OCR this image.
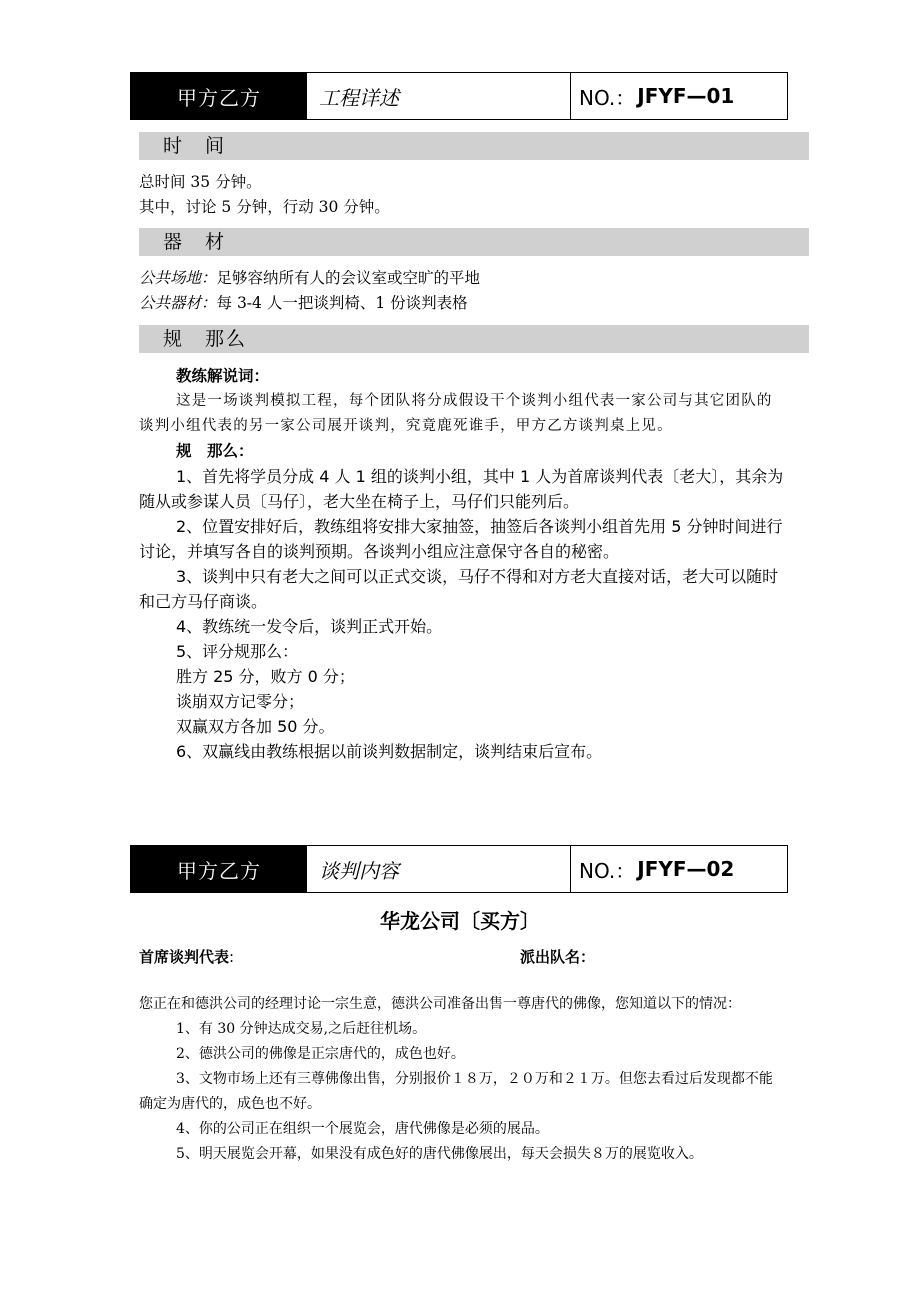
甲方乙方	工程详述	NO.： JFYF—01
时　间
总时间 35 分钟。
其中，讨论 5 分钟，行动 30 分钟。
器　材
公共场地：足够容纳所有人的会议室或空旷的平地
公共器材：每 3-4 人一把谈判椅、1 份谈判表格
规　那么
教练解说词：
这是一场谈判模拟工程，每个团队将分成假设干个谈判小组代表一家公司与其它团队的谈判小组代表的另一家公司展开谈判，究竟鹿死谁手，甲方乙方谈判桌上见。
规　那么：
1、首先将学员分成 4 人 1 组的谈判小组，其中 1 人为首席谈判代表〔老大〕，其余为随从或参谋人员〔马仔〕，老大坐在椅子上，马仔们只能列后。
2、位置安排好后，教练组将安排大家抽签，抽签后各谈判小组首先用 5 分钟时间进行讨论，并填写各自的谈判预期。各谈判小组应注意保守各自的秘密。
3、谈判中只有老大之间可以正式交谈，马仔不得和对方老大直接对话，老大可以随时和己方马仔商谈。
4、教练统一发令后，谈判正式开始。
5、评分规那么：
胜方 25 分，败方 0 分；
谈崩双方记零分；
双赢双方各加 50 分。
6、双赢线由教练根据以前谈判数据制定，谈判结束后宣布。
甲方乙方	谈判内容	NO.： JFYF—02
华龙公司〔买方〕
首席谈判代表:	派出队名：
您正在和德洪公司的经理讨论一宗生意，德洪公司准备出售一尊唐代的佛像，您知道以下的情况：
1、有 30 分钟达成交易,之后赶往机场。
2、德洪公司的佛像是正宗唐代的，成色也好。
3、文物市场上还有三尊佛像出售，分别报价１８万，２０万和２１万。但您去看过后发现都不能确定为唐代的，成色也不好。
4、你的公司正在组织一个展览会，唐代佛像是必须的展品。
5、明天展览会开幕，如果没有成色好的唐代佛像展出，每天会损失８万的展览收入。
